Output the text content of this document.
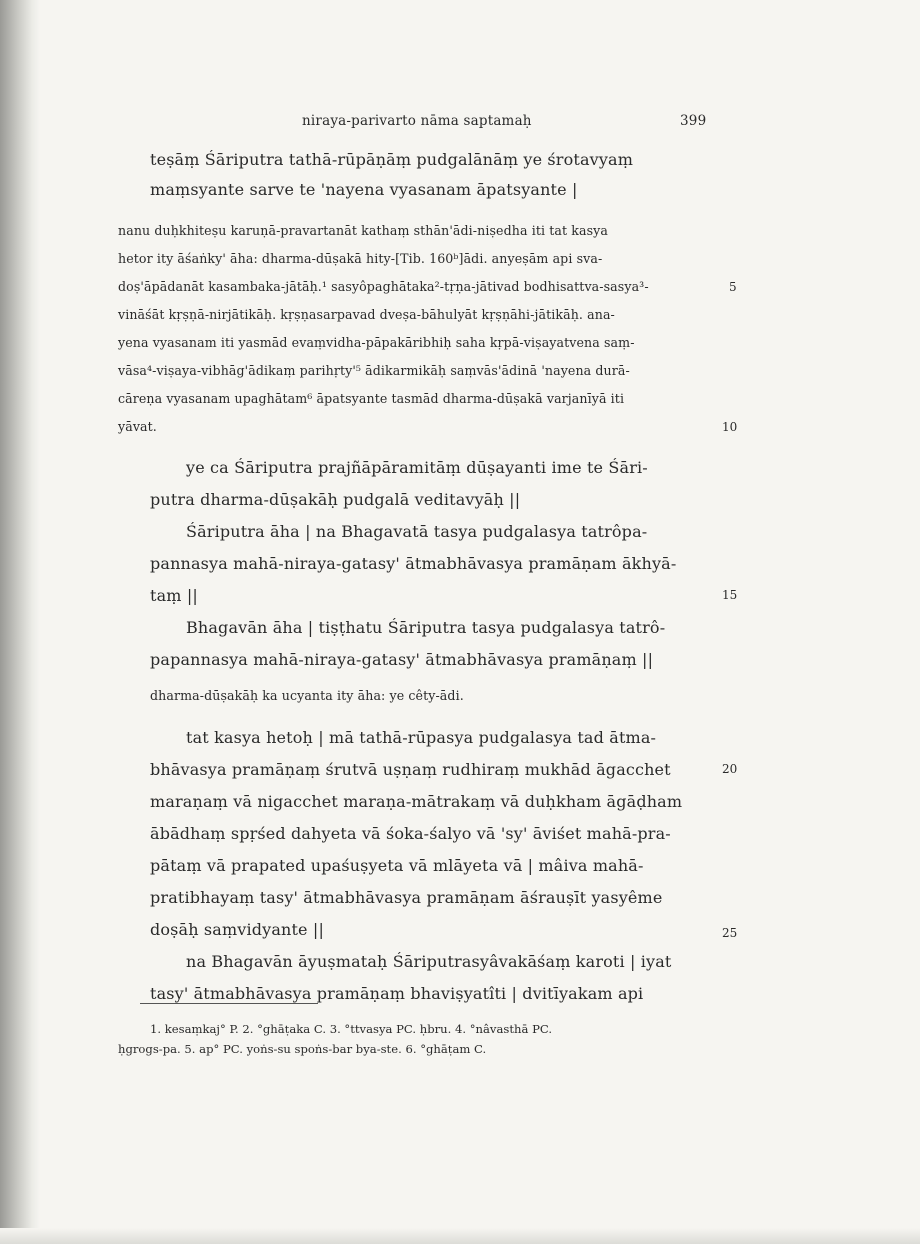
niraya-parivarto nāma saptamaḥ	399

teṣāṃ Śāriputra tathā-rūpāṇāṃ pudgalānāṃ ye śrotavyaṃ

maṃsyante sarve te 'nayena vyasanam āpatsyante |

nanu duḥkhiteṣu karuṇā-pravartanāt kathaṃ sthān'ādi-niṣedha iti tat kasya

hetor ity āśaṅky' āha: dharma-dūṣakā hity-[Tib. 160ᵇ]ādi. anyeṣām api sva-

doṣ'āpādanāt kasambaka-jātāḥ.¹ sasyôpaghātaka²-tṛṇa-jātivad bodhisattva-sasya³-

vināśāt kṛṣṇā-nirjātikāḥ. kṛṣṇasarpavad dveṣa-bāhulyāt kṛṣṇāhi-jātikāḥ. ana-

yena vyasanam iti yasmād evaṃvidha-pāpakāribhiḥ saha kṛpā-viṣayatvena saṃ-

vāsa⁴-viṣaya-vibhāg'ādikaṃ parihṛty'⁵ ādikarmikāḥ saṃvās'ādinā 'nayena durā-

cāreṇa vyasanam upaghātam⁶ āpatsyante tasmād dharma-dūṣakā varjanīyā iti

yāvat.

ye ca Śāriputra prajñāpāramitāṃ dūṣayanti ime te Śāri-

putra dharma-dūṣakāḥ pudgalā veditavyāḥ ||

Śāriputra āha | na Bhagavatā tasya pudgalasya tatrôpa-

pannasya mahā-niraya-gatasy' ātmabhāvasya pramāṇam ākhyā-

taṃ ||

Bhagavān āha | tiṣṭhatu Śāriputra tasya pudgalasya tatrô-

papannasya mahā-niraya-gatasy' ātmabhāvasya pramāṇaṃ ||

dharma-dūṣakāḥ ka ucyanta ity āha: ye cêty-ādi.

tat kasya hetoḥ | mā tathā-rūpasya pudgalasya tad ātma-

bhāvasya pramāṇaṃ śrutvā uṣṇaṃ rudhiraṃ mukhād āgacchet

maraṇaṃ vā nigacchet maraṇa-mātrakaṃ vā duḥkham āgāḍham

ābādhaṃ spṛśed dahyeta vā śoka-śalyo vā 'sy' āviśet mahā-pra-

pātaṃ vā prapated upaśuṣyeta vā mlāyeta vā | mâiva mahā-

pratibhayaṃ tasy' ātmabhāvasya pramāṇam āśrauṣīt yasyême

doṣāḥ saṃvidyante ||

na Bhagavān āyuṣmataḥ Śāriputrasyâvakāśaṃ karoti | iyat

tasy' ātmabhāvasya pramāṇaṃ bhaviṣyatîti | dvitīyakam api

5
10
15
20
25

1. kesaṃkaj° P. 2. °ghāṭaka C. 3. °ttvasya PC. ḥbru. 4. °nâvasthā PC.

ḥgrogs-pa. 5. ap° PC. yoṅs-su spoṅs-bar bya-ste. 6. °ghāṭam C.
